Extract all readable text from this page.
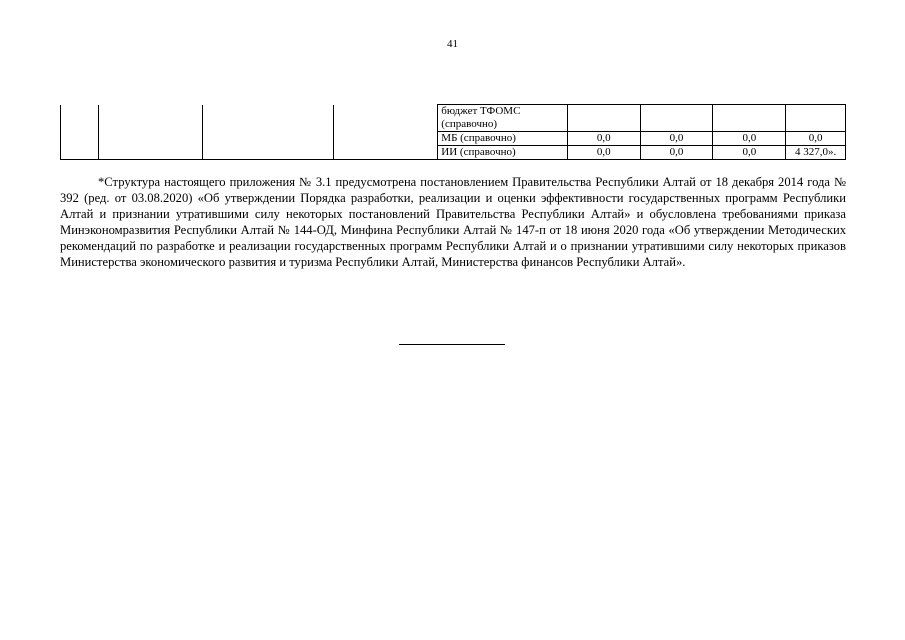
41
				бюджет ТФОМС (справочно)				
				МБ (справочно)	0,0	0,0	0,0	0,0
				ИИ (справочно)	0,0	0,0	0,0	4 327,0».

*Структура настоящего приложения № 3.1 предусмотрена постановлением Правительства Республики Алтай от 18 декабря 2014 года № 392 (ред. от 03.08.2020) «Об утверждении Порядка разработки, реализации и оценки эффективности государственных программ Республики Алтай и признании утратившими силу некоторых постановлений Правительства Республики Алтай» и обусловлена требованиями приказа Минэкономразвития Республики Алтай № 144-ОД, Минфина Республики Алтай № 147-п от 18 июня 2020 года «Об утверждении Методических рекомендаций по разработке и реализации государственных программ Республики Алтай и о признании утратившими силу некоторых приказов Министерства экономического развития и туризма Республики Алтай, Министерства финансов Республики Алтай».
